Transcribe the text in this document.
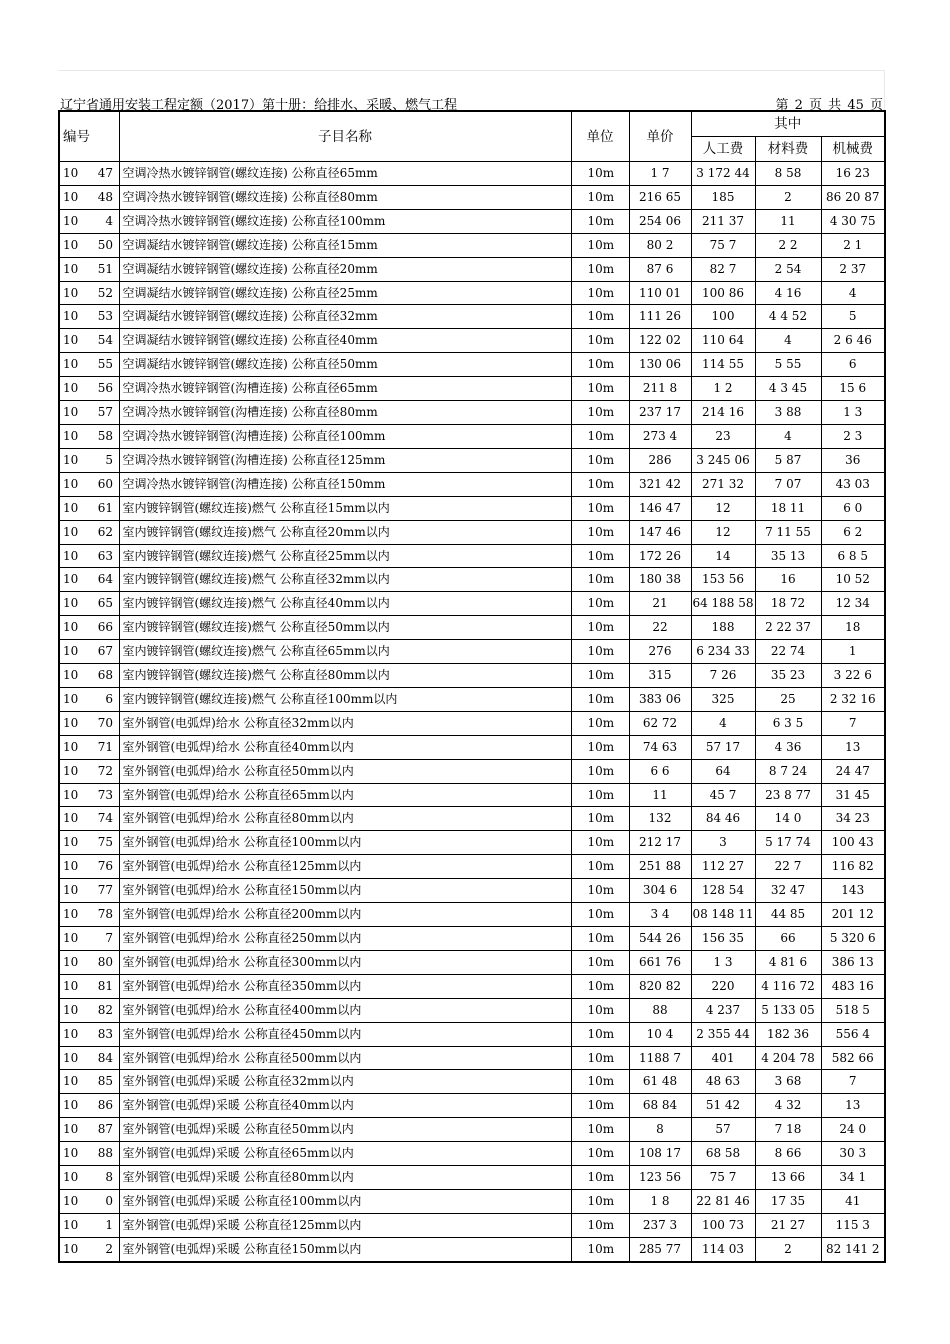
辽宁省通用安装工程定额（2017）第十册：给排水、采暖、燃气工程	第 2 页 共 45 页
编号	子目名称	单位	单价	其中		
				人工费	材料费	机械费
10 47	空调冷热水镀锌钢管(螺纹连接) 公称直径65mm	10m	1 7	3 172 44	8 58	16 23
10 48	空调冷热水镀锌钢管(螺纹连接) 公称直径80mm	10m	216 65	185	2	86 20 87
10 4	空调冷热水镀锌钢管(螺纹连接) 公称直径100mm	10m	254 06	211 37	11	4 30 75
10 50	空调凝结水镀锌钢管(螺纹连接) 公称直径15mm	10m	80 2	75 7	2 2	2 1
10 51	空调凝结水镀锌钢管(螺纹连接) 公称直径20mm	10m	87 6	82 7	2 54	2 37
10 52	空调凝结水镀锌钢管(螺纹连接) 公称直径25mm	10m	110 01	100 86	4 16	4
10 53	空调凝结水镀锌钢管(螺纹连接) 公称直径32mm	10m	111 26	100	4 4 52	5
10 54	空调凝结水镀锌钢管(螺纹连接) 公称直径40mm	10m	122 02	110 64	4	2 6 46
10 55	空调凝结水镀锌钢管(螺纹连接) 公称直径50mm	10m	130 06	114 55	5 55	6
10 56	空调冷热水镀锌钢管(沟槽连接) 公称直径65mm	10m	211 8	1 2	4 3 45	15 6
10 57	空调冷热水镀锌钢管(沟槽连接) 公称直径80mm	10m	237 17	214 16	3 88	1 3
10 58	空调冷热水镀锌钢管(沟槽连接) 公称直径100mm	10m	273 4	23	4	2 3
10 5	空调冷热水镀锌钢管(沟槽连接) 公称直径125mm	10m	286	3 245 06	5 87	36
10 60	空调冷热水镀锌钢管(沟槽连接) 公称直径150mm	10m	321 42	271 32	7 07	43 03
10 61	室内镀锌钢管(螺纹连接)燃气 公称直径15mm以内	10m	146 47	12	18 11	6 0
10 62	室内镀锌钢管(螺纹连接)燃气 公称直径20mm以内	10m	147 46	12	7 11 55	6 2
10 63	室内镀锌钢管(螺纹连接)燃气 公称直径25mm以内	10m	172 26	14	35 13	6 8 5
10 64	室内镀锌钢管(螺纹连接)燃气 公称直径32mm以内	10m	180 38	153 56	16	10 52
10 65	室内镀锌钢管(螺纹连接)燃气 公称直径40mm以内	10m	21	64 188 58	18 72	12 34
10 66	室内镀锌钢管(螺纹连接)燃气 公称直径50mm以内	10m	22	188	2 22 37	18
10 67	室内镀锌钢管(螺纹连接)燃气 公称直径65mm以内	10m	276	6 234 33	22 74	1
10 68	室内镀锌钢管(螺纹连接)燃气 公称直径80mm以内	10m	315	7 26	35 23	3 22 6
10 6	室内镀锌钢管(螺纹连接)燃气 公称直径100mm以内	10m	383 06	325	25	2 32 16
10 70	室外钢管(电弧焊)给水 公称直径32mm以内	10m	62 72	4	6 3 5	7
10 71	室外钢管(电弧焊)给水 公称直径40mm以内	10m	74 63	57 17	4 36	13
10 72	室外钢管(电弧焊)给水 公称直径50mm以内	10m	6 6	64	8 7 24	24 47
10 73	室外钢管(电弧焊)给水 公称直径65mm以内	10m	11	45 7	23 8 77	31 45
10 74	室外钢管(电弧焊)给水 公称直径80mm以内	10m	132	84 46	14 0	34 23
10 75	室外钢管(电弧焊)给水 公称直径100mm以内	10m	212 17	3	5 17 74	100 43
10 76	室外钢管(电弧焊)给水 公称直径125mm以内	10m	251 88	112 27	22 7	116 82
10 77	室外钢管(电弧焊)给水 公称直径150mm以内	10m	304 6	128 54	32 47	143
10 78	室外钢管(电弧焊)给水 公称直径200mm以内	10m	3 4	08 148 11	44 85	201 12
10 7	室外钢管(电弧焊)给水 公称直径250mm以内	10m	544 26	156 35	66	5 320 6
10 80	室外钢管(电弧焊)给水 公称直径300mm以内	10m	661 76	1 3	4 81 6	386 13
10 81	室外钢管(电弧焊)给水 公称直径350mm以内	10m	820 82	220	4 116 72	483 16
10 82	室外钢管(电弧焊)给水 公称直径400mm以内	10m	88	4 237	5 133 05	518 5
10 83	室外钢管(电弧焊)给水 公称直径450mm以内	10m	10 4	2 355 44	182 36	556 4
10 84	室外钢管(电弧焊)给水 公称直径500mm以内	10m	1188 7	401	4 204 78	582 66
10 85	室外钢管(电弧焊)采暖 公称直径32mm以内	10m	61 48	48 63	3 68	7
10 86	室外钢管(电弧焊)采暖 公称直径40mm以内	10m	68 84	51 42	4 32	13
10 87	室外钢管(电弧焊)采暖 公称直径50mm以内	10m	8	57	7 18	24 0
10 88	室外钢管(电弧焊)采暖 公称直径65mm以内	10m	108 17	68 58	8 66	30 3
10 8	室外钢管(电弧焊)采暖 公称直径80mm以内	10m	123 56	75 7	13 66	34 1
10 0	室外钢管(电弧焊)采暖 公称直径100mm以内	10m	1 8	22 81 46	17 35	41
10 1	室外钢管(电弧焊)采暖 公称直径125mm以内	10m	237 3	100 73	21 27	115 3
10 2	室外钢管(电弧焊)采暖 公称直径150mm以内	10m	285 77	114 03	2	82 141 2
